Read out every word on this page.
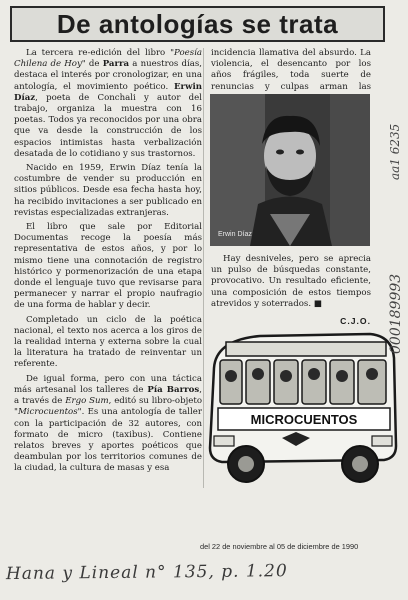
De antologías se trata

La tercera re-edición del libro "Poesía Chilena de Hoy" de Parra a nuestros días, destaca el interés por cronologizar, en una antología, el movimiento poético. Erwin Díaz, poeta de Conchali y autor del trabajo, organiza la muestra con 16 poetas. Todos ya reconocidos por una obra que va desde la construcción de los espacios intimistas hasta verbalización desatada de lo cotidiano y sus trastornos.

Nacido en 1959, Erwin Díaz tenía la costumbre de vender su producción en sitios públicos. Desde esa fecha hasta hoy, ha recibido invitaciones a ser publicado en revistas especializadas extranjeras.

El libro que sale por Editorial Documentas recoge la poesía más representativa de estos años, y por lo mismo tiene una connotación de registro histórico y pormenorización de una etapa donde el lenguaje tuvo que revisarse para permanecer y narrar el propio naufragio de una forma de hablar y decir.

Completado un ciclo de la poética nacional, el texto nos acerca a los giros de la realidad interna y externa sobre la cual la literatura ha tratado de reinventar un referente.

De igual forma, pero con una táctica más artesanal los talleres de Pía Barros, a través de Ergo Sum, editó su libro-objeto "Microcuentos". Es una antología de taller con la participación de 32 autores, con formato de micro (taxibus). Contiene relatos breves y aportes poéticos que deambulan por los territorios comunes de la ciudad, la cultura de masas y esa

incidencia llamativa del absurdo. La violencia, el desencanto por los años frágiles, toda suerte de renuncias y culpas arman las

Erwin Díaz

Hay desniveles, pero se aprecia un pulso de búsquedas constante, provocativo. Un resultado eficiente, una composición de estos tiempos atrevidos y soterrados. ■

C.J.O.
MICROCUENTOS
del 22 de noviembre al 05 de diciembre de 1990
Hana y Lineal n° 135, p. 1.20
aa1 6235
000189993
